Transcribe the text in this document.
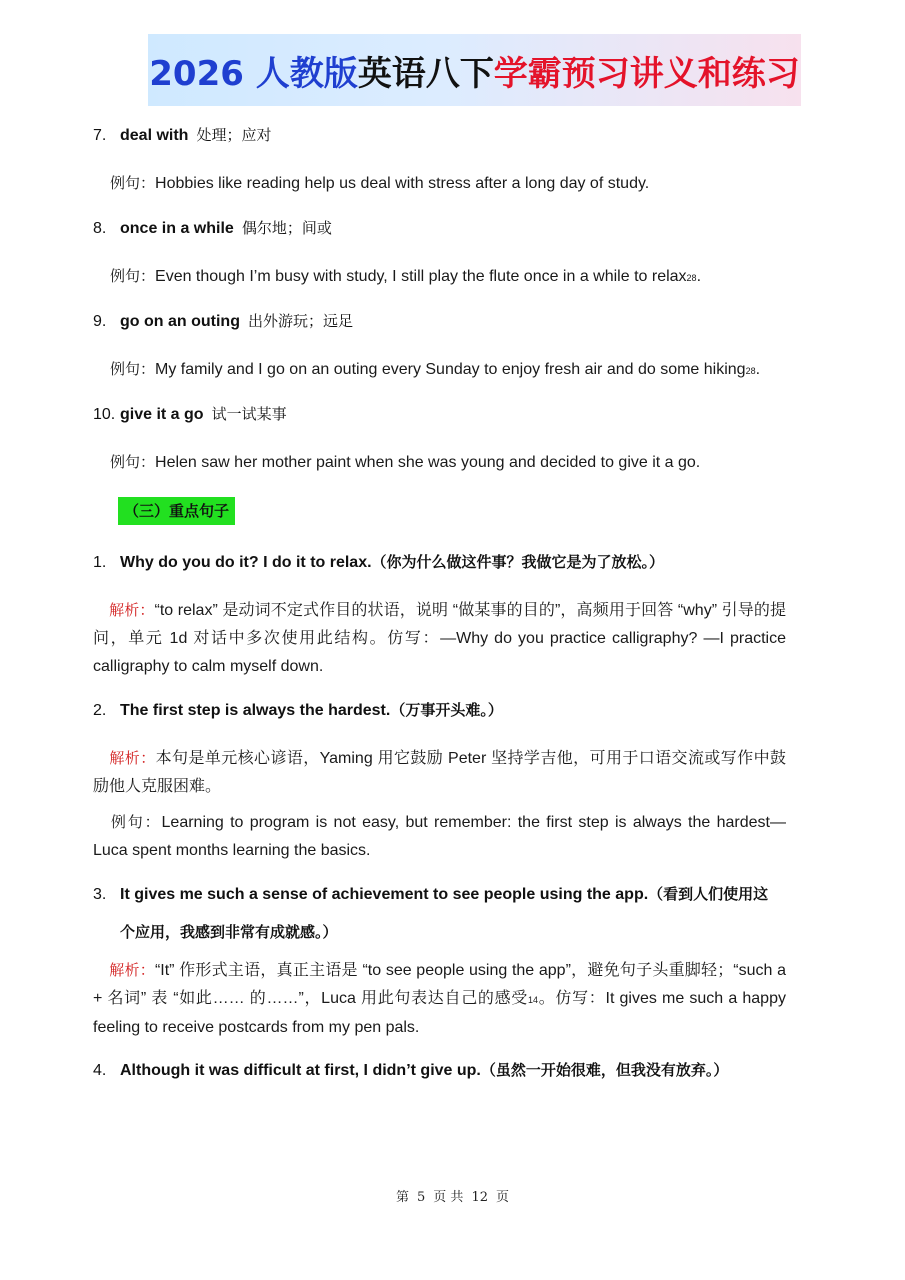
2026 人教版英语八下学霸预习讲义和练习
7. deal with 处理；应对
例句：Hobbies like reading help us deal with stress after a long day of study.
8. once in a while 偶尔地；间或
例句：Even though I’m busy with study, I still play the flute once in a while to relax28.
9. go on an outing 出外游玩；远足
例句：My family and I go on an outing every Sunday to enjoy fresh air and do some hiking28.
10. give it a go 试一试某事
例句：Helen saw her mother paint when she was young and decided to give it a go.
（三）重点句子
1. Why do you do it? I do it to relax.（你为什么做这件事？我做它是为了放松。）
解析：“to relax” 是动词不定式作目的状语，说明 “做某事的目的”，高频用于回答 “why” 引导的提问，单元 1d 对话中多次使用此结构。仿写：—Why do you practice calligraphy? —I practice calligraphy to calm myself down.
2. The first step is always the hardest.（万事开头难。）
解析：本句是单元核心谚语，Yaming 用它鼓励 Peter 坚持学吉他，可用于口语交流或写作中鼓励他人克服困难。
例句：Learning to program is not easy, but remember: the first step is always the hardest—Luca spent months learning the basics.
3. It gives me such a sense of achievement to see people using the app.（看到人们使用这
个应用，我感到非常有成就感。）
解析：“It” 作形式主语，真正主语是 “to see people using the app”，避免句子头重脚轻；“such a + 名词” 表 “如此…… 的……”，Luca 用此句表达自己的感受14。仿写：It gives me such a happy feeling to receive postcards from my pen pals.
4. Although it was difficult at first, I didn’t give up.（虽然一开始很难，但我没有放弃。）
第 5 页 共 12 页
